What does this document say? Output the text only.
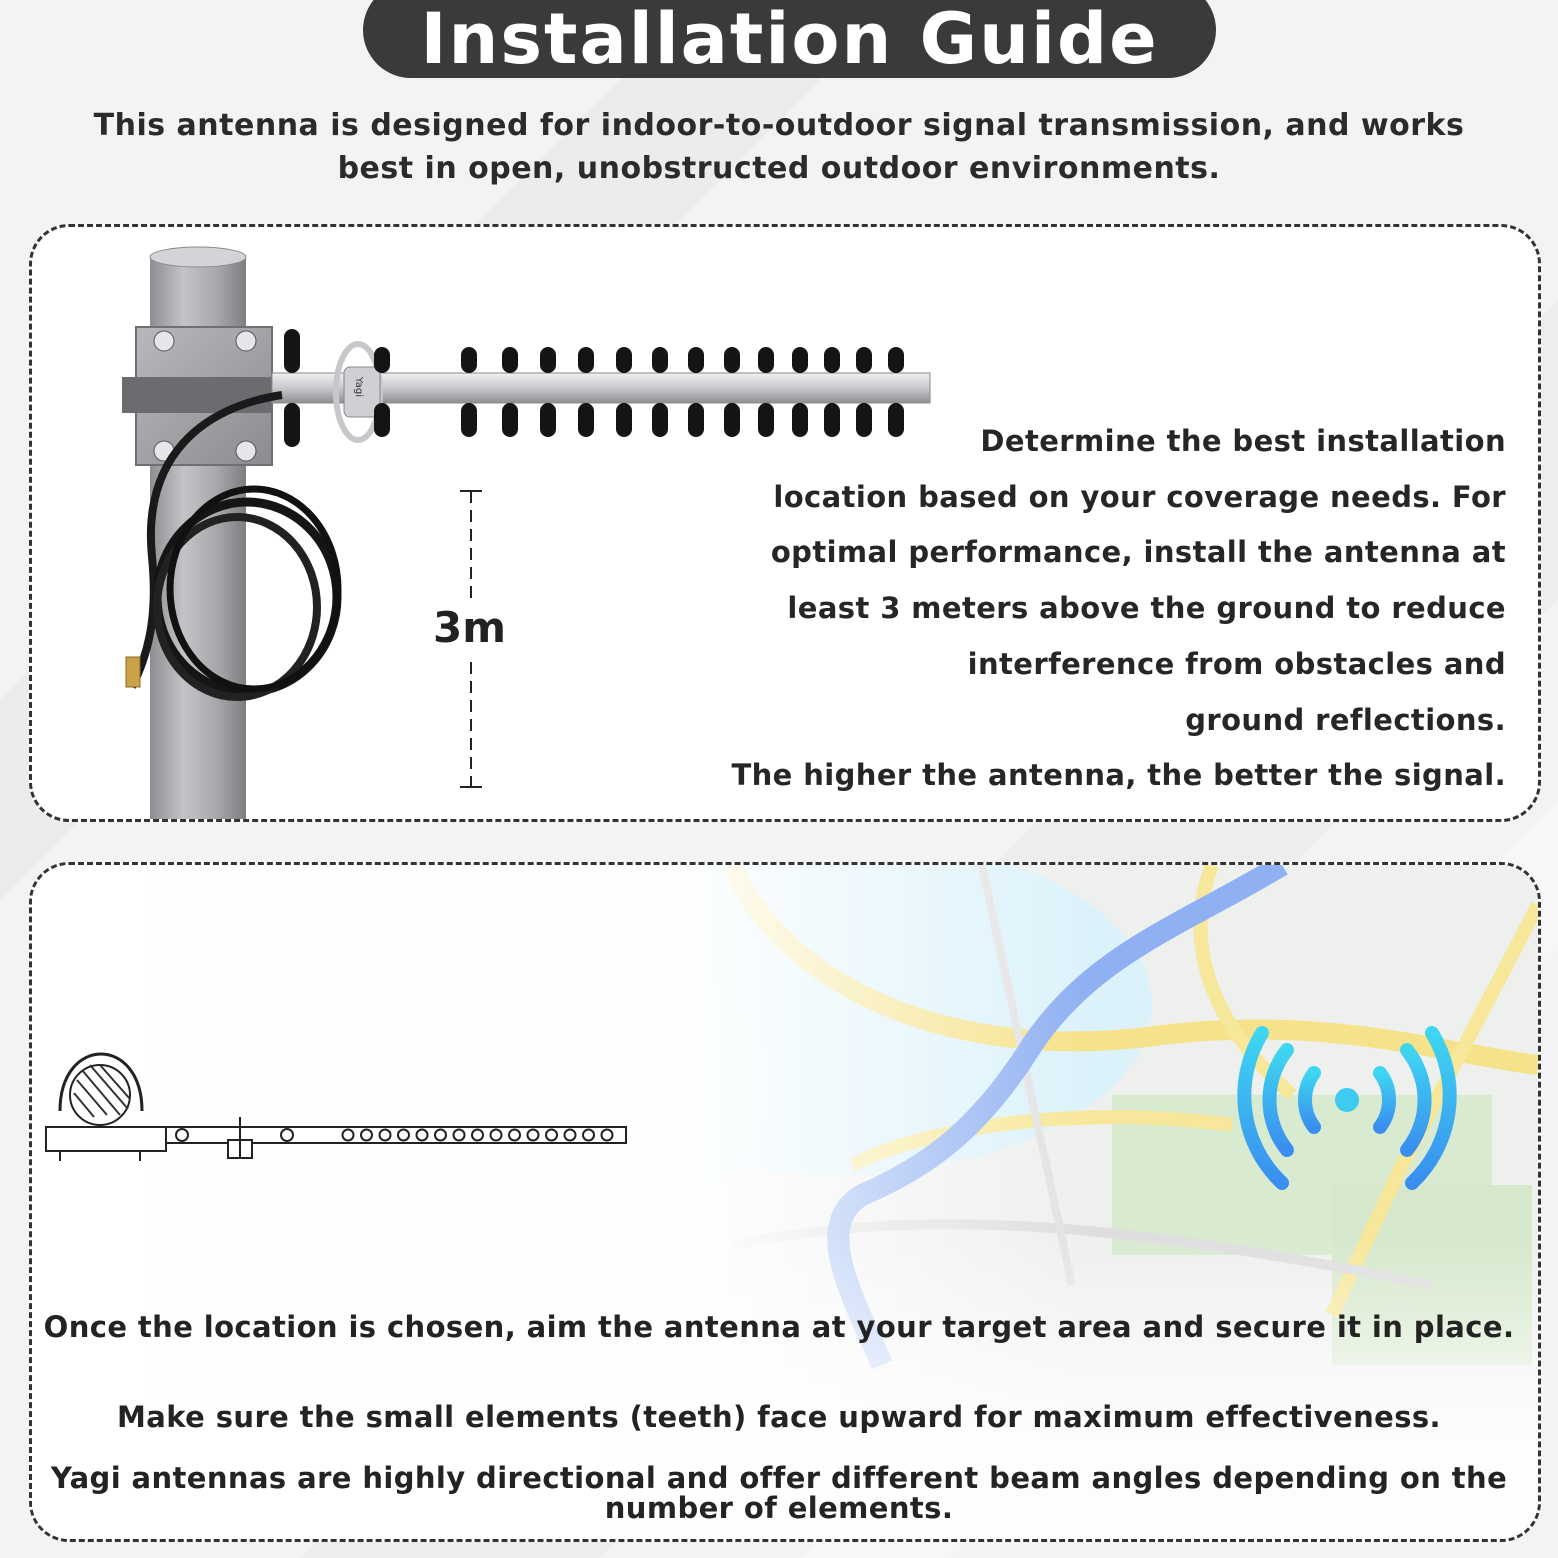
Installation Guide
This antenna is designed for indoor-to-outdoor signal transmission, and works
best in open, unobstructed outdoor environments.
Yagi
3m
Determine the best installation
location based on your coverage needs. For
optimal performance, install the antenna at
least 3 meters above the ground to reduce
interference from obstacles and
ground reflections.
The higher the antenna, the better the signal.
Once the location is chosen, aim the antenna at your target area and secure it in place.
Make sure the small elements (teeth) face upward for maximum effectiveness.
Yagi antennas are highly directional and offer different beam angles depending on the number of elements.
